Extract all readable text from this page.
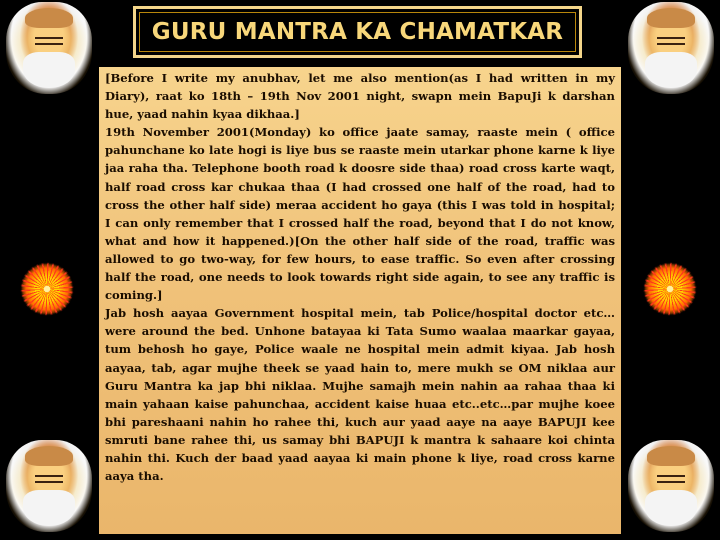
GURU MANTRA KA CHAMATKAR

[Before I write my anubhav, let me also mention(as I had written in my Diary), raat ko 18th – 19th Nov 2001 night, swapn mein BapuJi k darshan hue, yaad nahin kyaa dikhaa.]

19th November 2001(Monday) ko office jaate samay, raaste mein ( office pahunchane ko late hogi is liye bus se raaste mein utarkar phone karne k liye jaa raha tha. Telephone booth road k doosre side thaa) road cross karte waqt, half road cross kar chukaa thaa (I had crossed one half of the road, had to cross the other half side) meraa accident ho gaya (this I was told in hospital; I can only remember that I crossed half the road, beyond that I do not know, what and how it happened.)[On the other half side of the road, traffic was allowed to go two-way, for few hours, to ease traffic. So even after crossing half the road, one needs to look towards right side again, to see any traffic is coming.]

Jab hosh aayaa Government hospital mein, tab Police/hospital doctor etc… were around the bed. Unhone batayaa ki Tata Sumo waalaa maarkar gayaa, tum behosh ho gaye, Police waale ne hospital mein admit kiyaa. Jab hosh aayaa, tab, agar mujhe theek se yaad hain to, mere mukh se OM niklaa aur Guru Mantra ka jap bhi niklaa. Mujhe samajh mein nahin aa rahaa thaa ki main yahaan kaise pahunchaa, accident kaise huaa etc..etc…par mujhe koee bhi pareshaani nahin ho rahee thi, kuch aur yaad aaye na aaye BAPUJI kee smruti bane rahee thi, us samay bhi BAPUJI k mantra k sahaare koi chinta nahin thi. Kuch der baad yaad aayaa ki main phone k liye, road cross karne aaya tha.
